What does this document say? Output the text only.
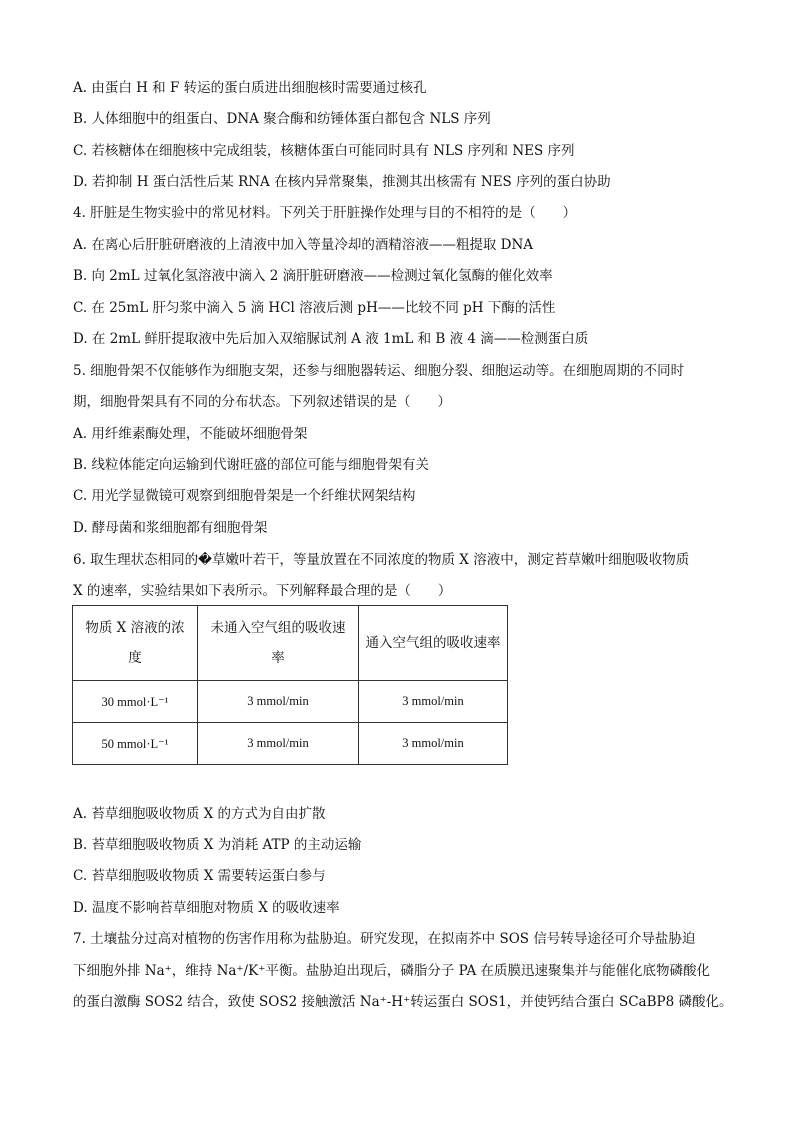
A. 由蛋白 H 和 F 转运的蛋白质进出细胞核时需要通过核孔
B. 人体细胞中的组蛋白、DNA 聚合酶和纺锤体蛋白都包含 NLS 序列
C. 若核糖体在细胞核中完成组装，核糖体蛋白可能同时具有 NLS 序列和 NES 序列
D. 若抑制 H 蛋白活性后某 RNA 在核内异常聚集，推测其出核需有 NES 序列的蛋白协助
4. 肝脏是生物实验中的常见材料。下列关于肝脏操作处理与目的不相符的是（　　）
A. 在离心后肝脏研磨液的上清液中加入等量冷却的酒精溶液——粗提取 DNA
B. 向 2mL 过氧化氢溶液中滴入 2 滴肝脏研磨液——检测过氧化氢酶的催化效率
C. 在 25mL 肝匀浆中滴入 5 滴 HCl 溶液后测 pH——比较不同 pH 下酶的活性
D. 在 2mL 鲜肝提取液中先后加入双缩脲试剂 A 液 1mL 和 B 液 4 滴——检测蛋白质
5. 细胞骨架不仅能够作为细胞支架，还参与细胞器转运、细胞分裂、细胞运动等。在细胞周期的不同时
期，细胞骨架具有不同的分布状态。下列叙述错误的是（　　）
A. 用纤维素酶处理，不能破坏细胞骨架
B. 线粒体能定向运输到代谢旺盛的部位可能与细胞骨架有关
C. 用光学显微镜可观察到细胞骨架是一个纤维状网架结构
D. 酵母菌和浆细胞都有细胞骨架
6. 取生理状态相同的�草嫩叶若干，等量放置在不同浓度的物质 X 溶液中，测定苔草嫩叶细胞吸收物质
X 的速率，实验结果如下表所示。下列解释最合理的是（　　）
物质 X 溶液的浓度	未通入空气组的吸收速率	通入空气组的吸收速率
30 mmol·L⁻¹	3 mmol/min	3 mmol/min
50 mmol·L⁻¹	3 mmol/min	3 mmol/min
A. 苔草细胞吸收物质 X 的方式为自由扩散
B. 苔草细胞吸收物质 X 为消耗 ATP 的主动运输
C. 苔草细胞吸收物质 X 需要转运蛋白参与
D. 温度不影响苔草细胞对物质 X 的吸收速率
7. 土壤盐分过高对植物的伤害作用称为盐胁迫。研究发现，在拟南芥中 SOS 信号转导途径可介导盐胁迫
下细胞外排 Na⁺，维持 Na⁺/K⁺平衡。盐胁迫出现后，磷脂分子 PA 在质膜迅速聚集并与能催化底物磷酸化
的蛋白激酶 SOS2 结合，致使 SOS2 接触激活 Na⁺-H⁺转运蛋白 SOS1，并使钙结合蛋白 SCaBP8 磷酸化。
